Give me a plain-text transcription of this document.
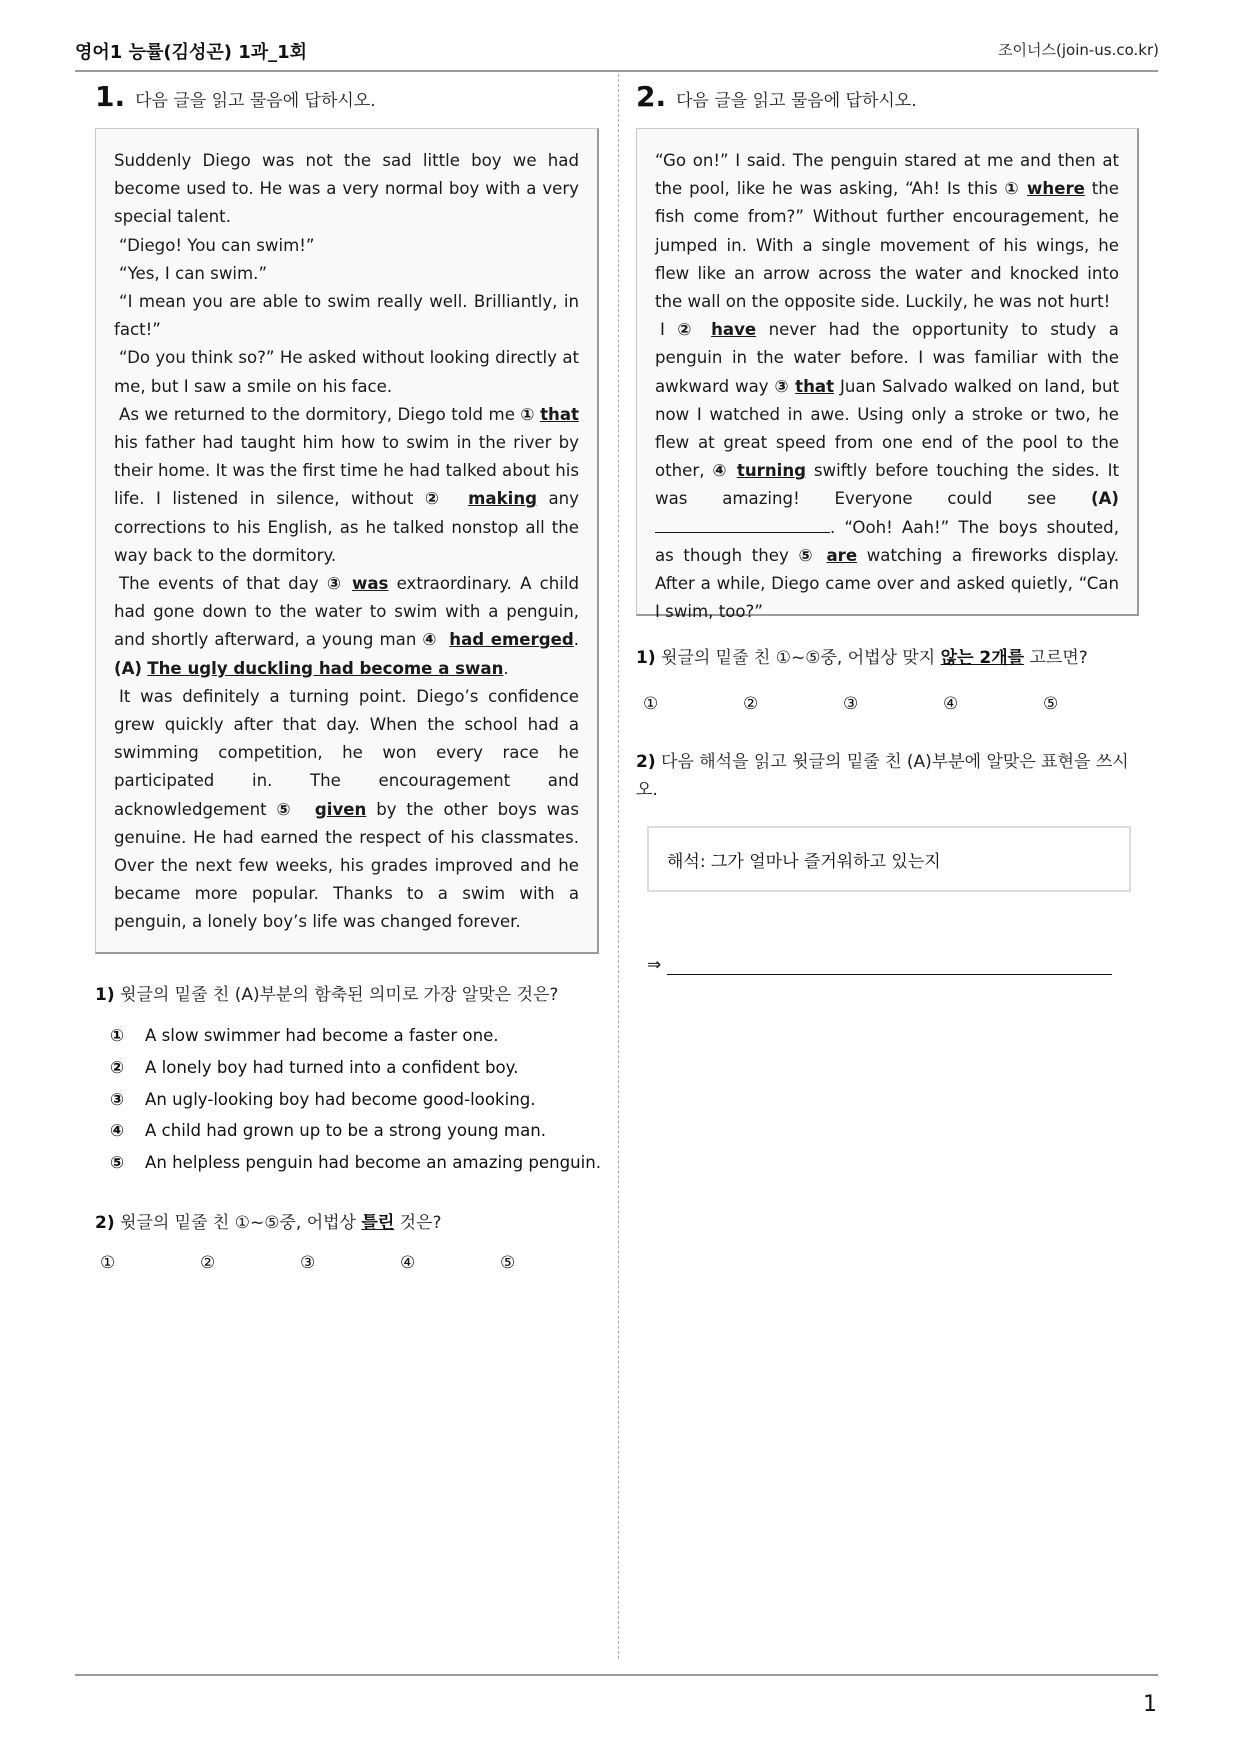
영어1 능률(김성곤) 1과_1회	조이너스(join-us.co.kr)
1. 다음 글을 읽고 물음에 답하시오.

Suddenly Diego was not the sad little boy we had become used to. He was a very normal boy with a very special talent.

“Diego! You can swim!”

“Yes, I can swim.”

“I mean you are able to swim really well. Brilliantly, in fact!”

“Do you think so?” He asked without looking directly at me, but I saw a smile on his face.

As we returned to the dormitory, Diego told me ① that his father had taught him how to swim in the river by their home. It was the first time he had talked about his life. I listened in silence, without ② making any corrections to his English, as he talked nonstop all the way back to the dormitory.

The events of that day ③ was extraordinary. A child had gone down to the water to swim with a penguin, and shortly afterward, a young man ④ had emerged. (A) The ugly duckling had become a swan.

It was definitely a turning point. Diego’s confidence grew quickly after that day. When the school had a swimming competition, he won every race he participated in. The encouragement and acknowledgement ⑤ given by the other boys was genuine. He had earned the respect of his classmates. Over the next few weeks, his grades improved and he became more popular. Thanks to a swim with a penguin, a lonely boy’s life was changed forever.

1) 윗글의 밑줄 친 (A)부분의 함축된 의미로 가장 알맞은 것은?
①	A slow swimmer had become a faster one.
②	A lonely boy had turned into a confident boy.
③	An ugly-looking boy had become good-looking.
④	A child had grown up to be a strong young man.
⑤	An helpless penguin had become an amazing penguin.
2) 윗글의 밑줄 친 ①~⑤중, 어법상 틀린 것은?
①	②	③	④	⑤
2. 다음 글을 읽고 물음에 답하시오.

“Go on!” I said. The penguin stared at me and then at the pool, like he was asking, “Ah! Is this ① where the fish come from?” Without further encouragement, he jumped in. With a single movement of his wings, he flew like an arrow across the water and knocked into the wall on the opposite side. Luckily, he was not hurt!

I ② have never had the opportunity to study a penguin in the water before. I was familiar with the awkward way ③ that Juan Salvado walked on land, but now I watched in awe. Using only a stroke or two, he flew at great speed from one end of the pool to the other, ④ turning swiftly before touching the sides. It was amazing! Everyone could see (A) . “Ooh! Aah!” The boys shouted, as though they ⑤ are watching a fireworks display. After a while, Diego came over and asked quietly, “Can I swim, too?”

1) 윗글의 밑줄 친 ①~⑤중, 어법상 맞지 않는 2개를 고르면?
①	②	③	④	⑤
2) 다음 해석을 읽고 윗글의 밑줄 친 (A)부분에 알맞은 표현을 쓰시오.
해석: 그가 얼마나 즐거워하고 있는지
⇒
1
